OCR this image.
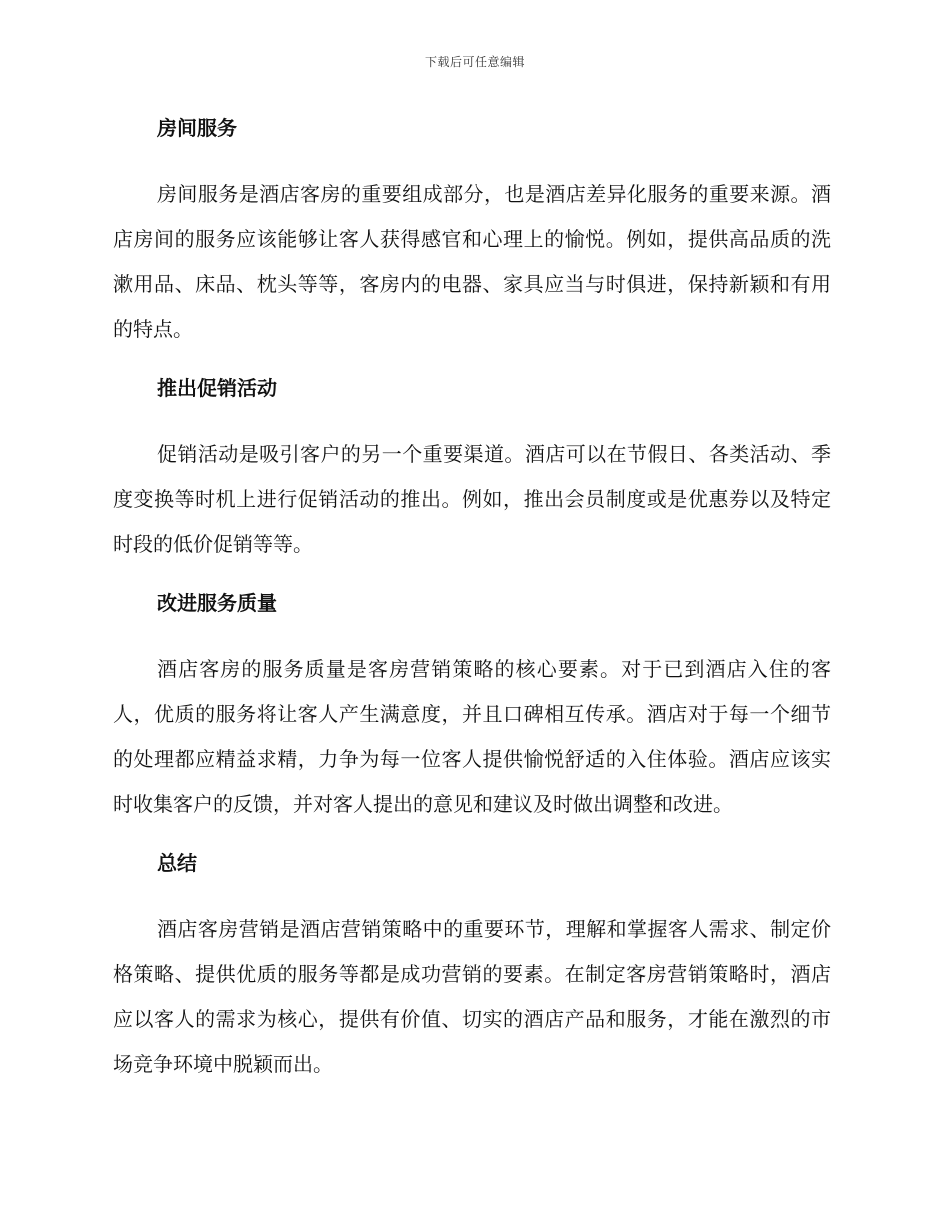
下载后可任意编辑
房间服务

房间服务是酒店客房的重要组成部分，也是酒店差异化服务的重要来源。酒店房间的服务应该能够让客人获得感官和心理上的愉悦。例如，提供高品质的洗漱用品、床品、枕头等等，客房内的电器、家具应当与时俱进，保持新颖和有用的特点。

推出促销活动

促销活动是吸引客户的另一个重要渠道。酒店可以在节假日、各类活动、季度变换等时机上进行促销活动的推出。例如，推出会员制度或是优惠券以及特定时段的低价促销等等。

改进服务质量

酒店客房的服务质量是客房营销策略的核心要素。对于已到酒店入住的客人，优质的服务将让客人产生满意度，并且口碑相互传承。酒店对于每一个细节的处理都应精益求精，力争为每一位客人提供愉悦舒适的入住体验。酒店应该实时收集客户的反馈，并对客人提出的意见和建议及时做出调整和改进。

总结

酒店客房营销是酒店营销策略中的重要环节，理解和掌握客人需求、制定价格策略、提供优质的服务等都是成功营销的要素。在制定客房营销策略时，酒店应以客人的需求为核心，提供有价值、切实的酒店产品和服务，才能在激烈的市场竞争环境中脱颖而出。
